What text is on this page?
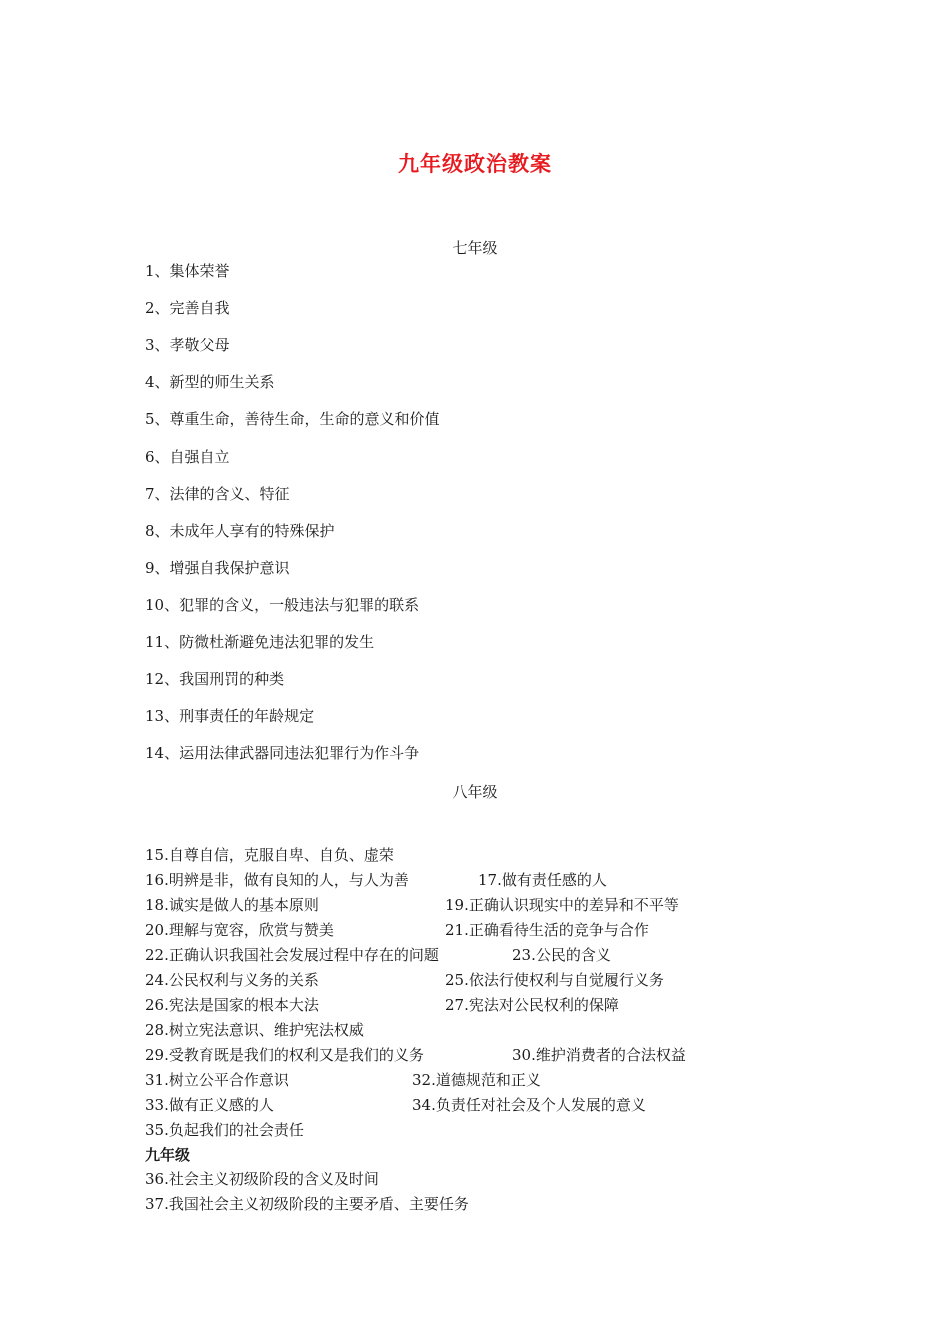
九年级政治教案
七年级
1、集体荣誉
2、完善自我
3、孝敬父母
4、新型的师生关系
5、尊重生命，善待生命，生命的意义和价值
6、自强自立
7、法律的含义、特征
8、未成年人享有的特殊保护
9、增强自我保护意识
10、犯罪的含义，一般违法与犯罪的联系
11、防微杜渐避免违法犯罪的发生
12、我国刑罚的种类
13、刑事责任的年龄规定
14、运用法律武器同违法犯罪行为作斗争
八年级
15.自尊自信，克服自卑、自负、虚荣
16.明辨是非，做有良知的人，与人为善	17.做有责任感的人
18.诚实是做人的基本原则	19.正确认识现实中的差异和不平等
20.理解与宽容，欣赏与赞美	21.正确看待生活的竞争与合作
22.正确认识我国社会发展过程中存在的问题	23.公民的含义
24.公民权利与义务的关系	25.依法行使权利与自觉履行义务
26.宪法是国家的根本大法	27.宪法对公民权利的保障
28.树立宪法意识、维护宪法权威
29.受教育既是我们的权利又是我们的义务	30.维护消费者的合法权益
31.树立公平合作意识	32.道德规范和正义
33.做有正义感的人	34.负责任对社会及个人发展的意义
35.负起我们的社会责任
九年级
36.社会主义初级阶段的含义及时间
37.我国社会主义初级阶段的主要矛盾、主要任务
